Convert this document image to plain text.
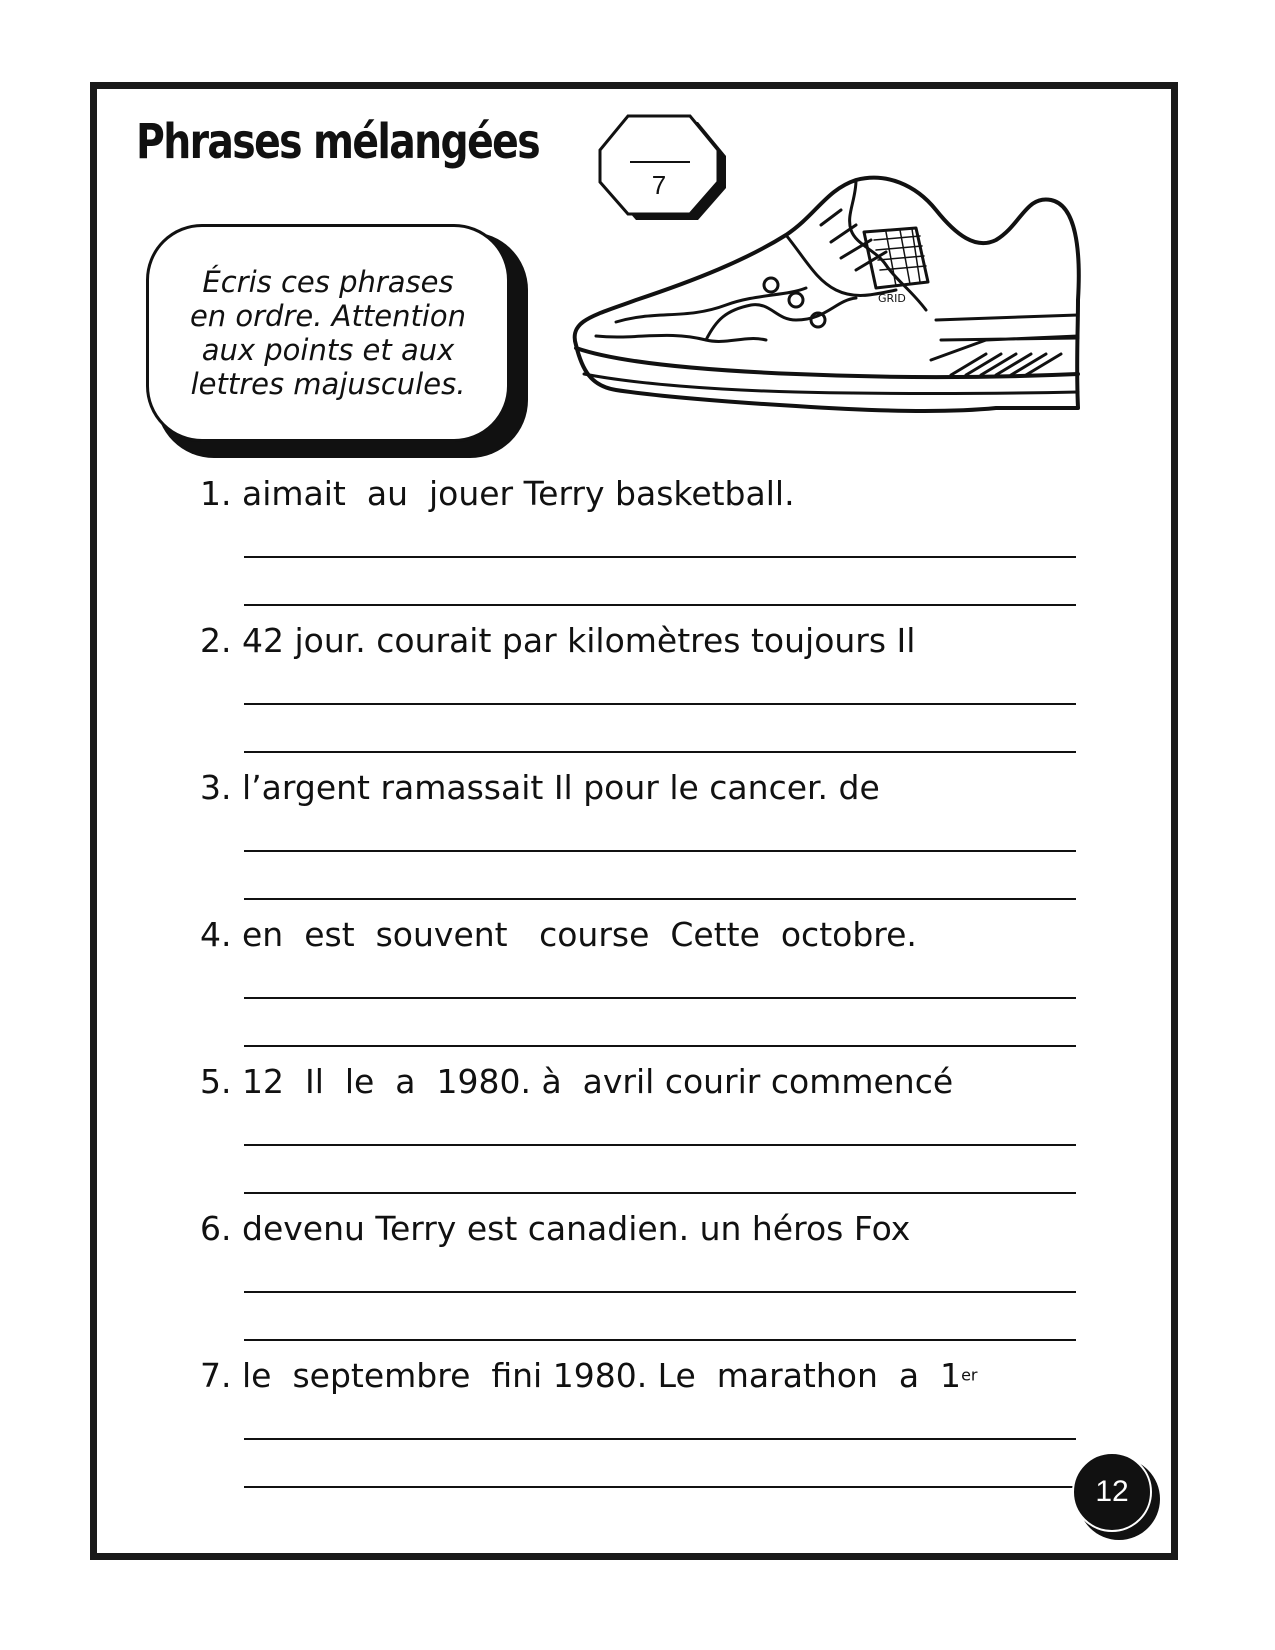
Phrases mélangées
7
Écris ces phrases
en ordre. Attention
aux points et aux
lettres majuscules.
GRID
1. aimait  au  jouer Terry basketball.
2. 42 jour. courait par kilomètres toujours Il
3. l’argent ramassait Il pour le cancer. de
4. en  est  souvent   course  Cette  octobre.
5. 12  Il  le  a  1980. à  avril courir commencé
6. devenu Terry est canadien. un héros Fox
7. le  septembre  fini 1980. Le  marathon  a  1er
12
